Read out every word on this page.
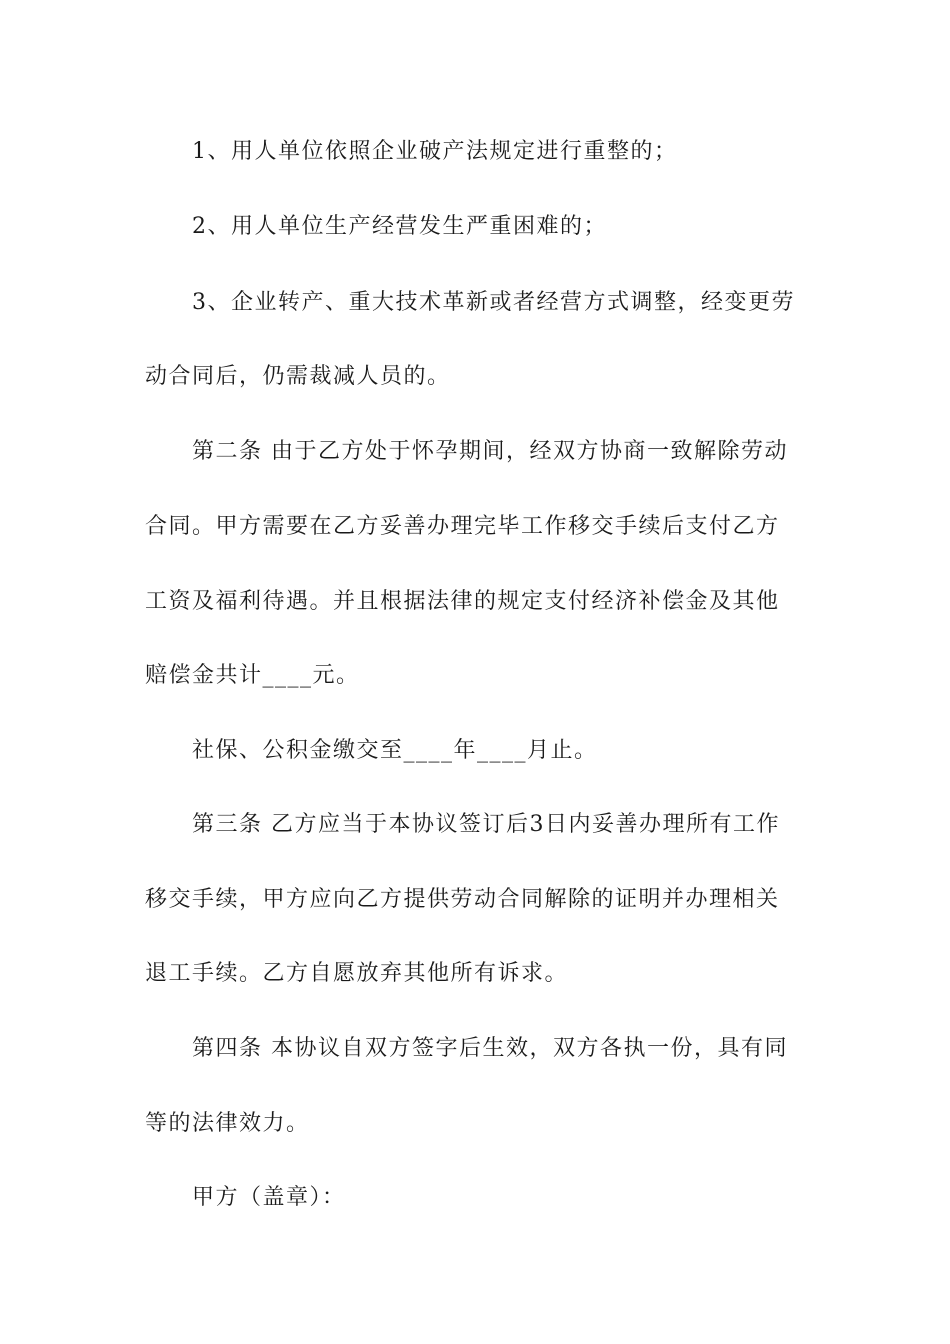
1、用人单位依照企业破产法规定进行重整的；
2、用人单位生产经营发生严重困难的；
3、企业转产、重大技术革新或者经营方式调整，经变更劳
动合同后，仍需裁减人员的。
第二条 由于乙方处于怀孕期间，经双方协商一致解除劳动
合同。甲方需要在乙方妥善办理完毕工作移交手续后支付乙方
工资及福利待遇。并且根据法律的规定支付经济补偿金及其他
赔偿金共计____元。
社保、公积金缴交至____年____月止。
第三条 乙方应当于本协议签订后3日内妥善办理所有工作
移交手续，甲方应向乙方提供劳动合同解除的证明并办理相关
退工手续。乙方自愿放弃其他所有诉求。
第四条 本协议自双方签字后生效，双方各执一份，具有同
等的法律效力。
甲方（盖章）：
